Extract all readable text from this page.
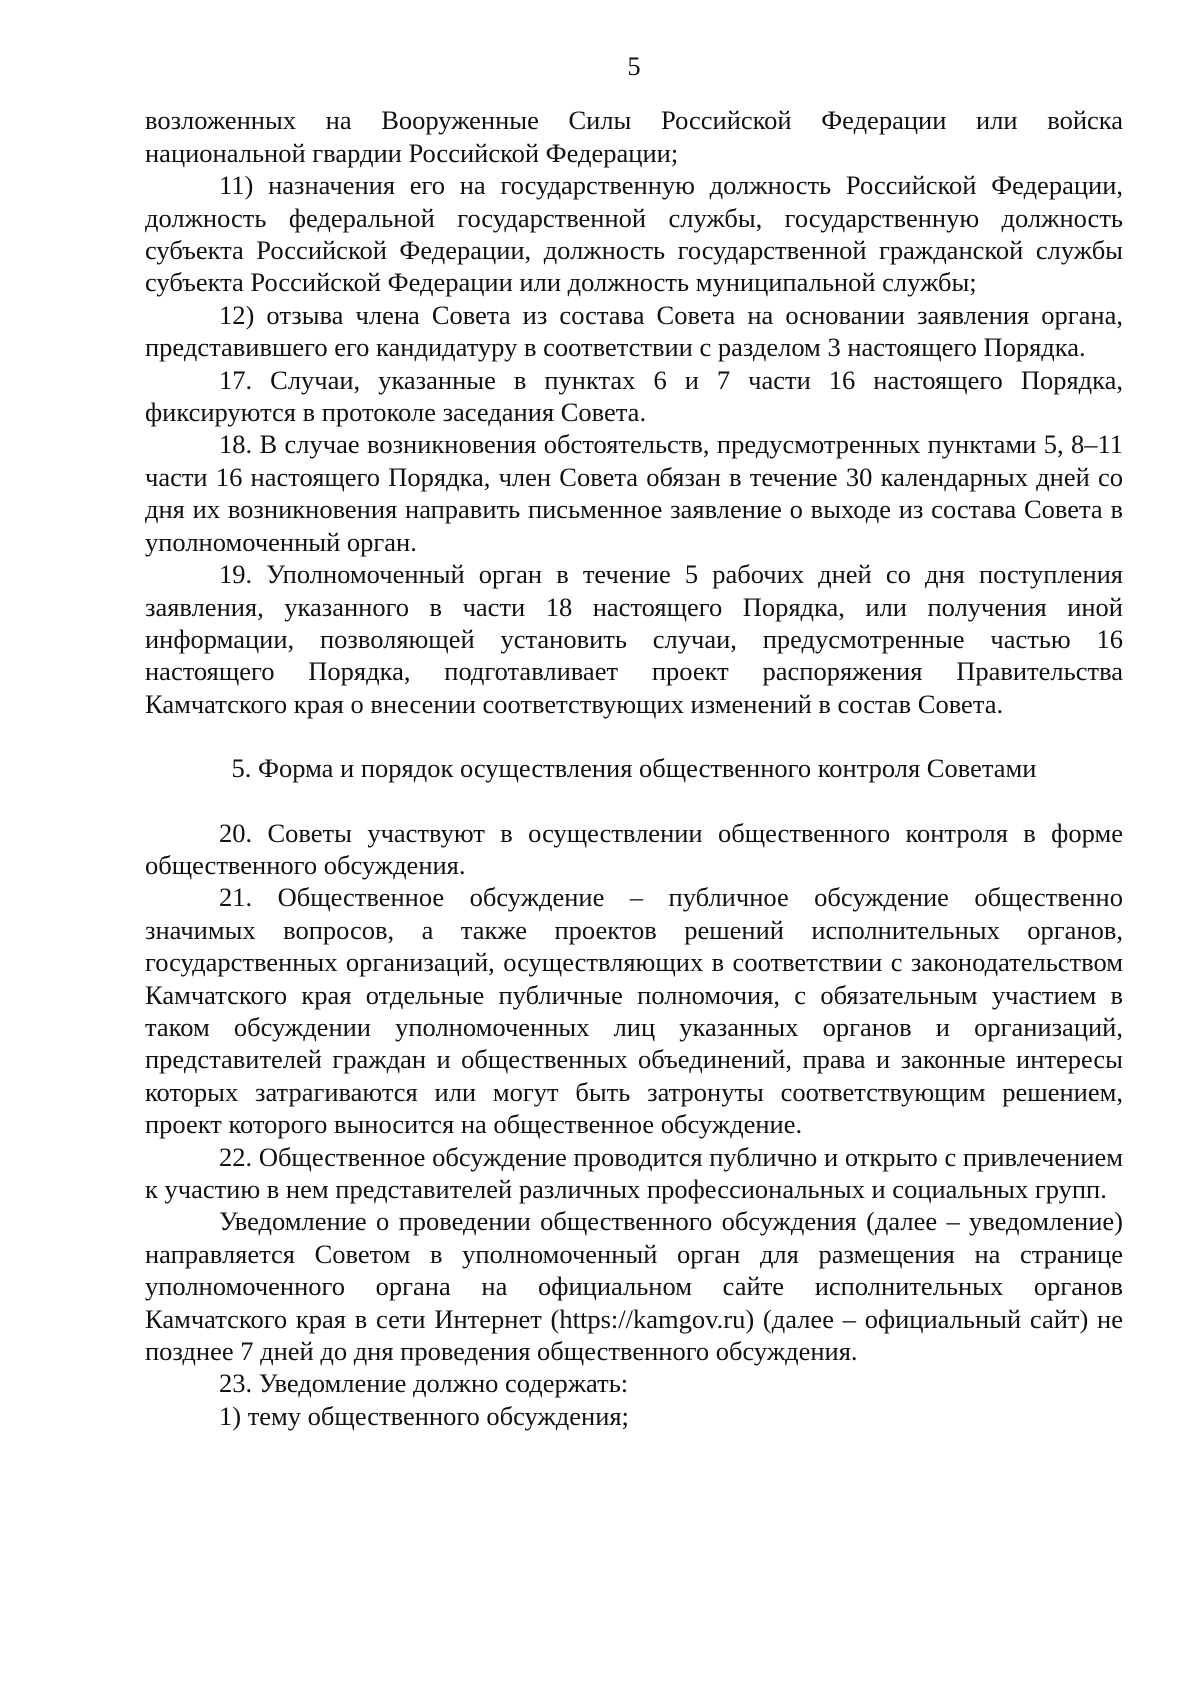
5

возложенных на Вооруженные Силы Российской Федерации или войска национальной гвардии Российской Федерации;

11) назначения его на государственную должность Российской Федерации, должность федеральной государственной службы, государственную должность субъекта Российской Федерации, должность государственной гражданской службы субъекта Российской Федерации или должность муниципальной службы;

12) отзыва члена Совета из состава Совета на основании заявления органа, представившего его кандидатуру в соответствии с разделом 3 настоящего Порядка.

17. Случаи, указанные в пунктах 6 и 7 части 16 настоящего Порядка, фиксируются в протоколе заседания Совета.

18. В случае возникновения обстоятельств, предусмотренных пунктами 5, 8–11 части 16 настоящего Порядка, член Совета обязан в течение 30 календарных дней со дня их возникновения направить письменное заявление о выходе из состава Совета в уполномоченный орган.

19. Уполномоченный орган в течение 5 рабочих дней со дня поступления заявления, указанного в части 18 настоящего Порядка, или получения иной информации, позволяющей установить случаи, предусмотренные частью 16 настоящего Порядка, подготавливает проект распоряжения Правительства Камчатского края о внесении соответствующих изменений в состав Совета.

5. Форма и порядок осуществления общественного контроля Советами

20. Советы участвуют в осуществлении общественного контроля в форме общественного обсуждения.

21. Общественное обсуждение – публичное обсуждение общественно значимых вопросов, а также проектов решений исполнительных органов, государственных организаций, осуществляющих в соответствии с законодательством Камчатского края отдельные публичные полномочия, с обязательным участием в таком обсуждении уполномоченных лиц указанных органов и организаций, представителей граждан и общественных объединений, права и законные интересы которых затрагиваются или могут быть затронуты соответствующим решением, проект которого выносится на общественное обсуждение.

22. Общественное обсуждение проводится публично и открыто с привлечением к участию в нем представителей различных профессиональных и социальных групп.

Уведомление о проведении общественного обсуждения (далее – уведомление) направляется Советом в уполномоченный орган для размещения на странице уполномоченного органа на официальном сайте исполнительных органов Камчатского края в сети Интернет (https://kamgov.ru) (далее – официальный сайт) не позднее 7 дней до дня проведения общественного обсуждения.

23. Уведомление должно содержать:

1) тему общественного обсуждения;
